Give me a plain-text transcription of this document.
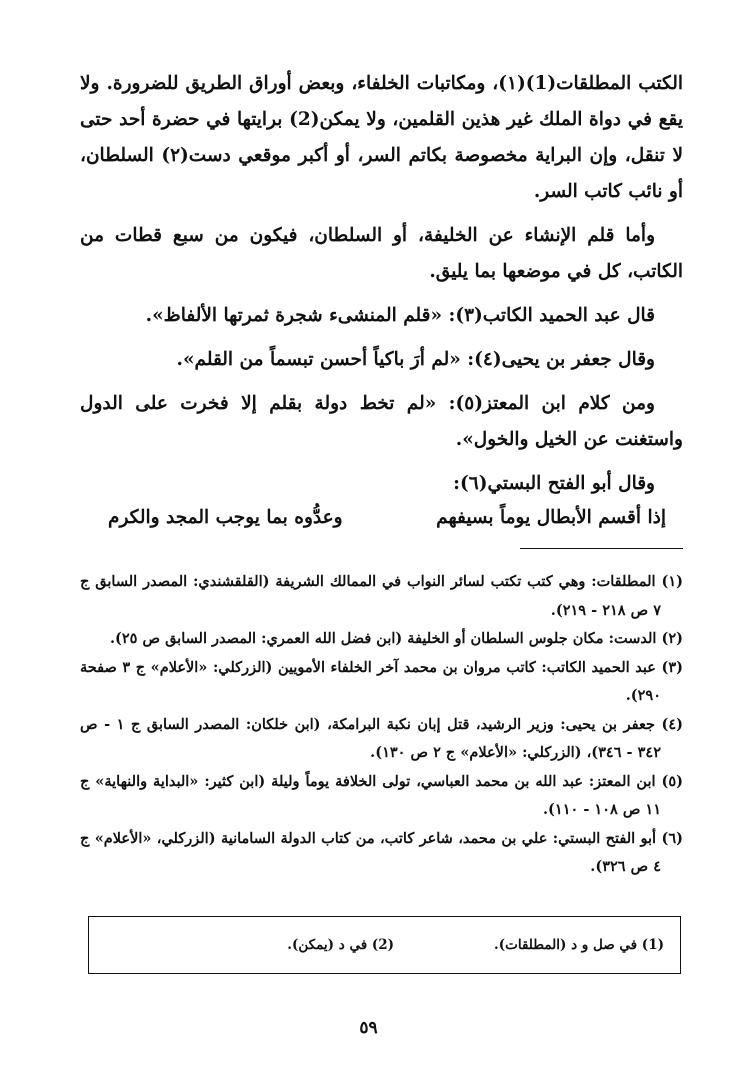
الكتب المطلقات(1)(١)، ومكاتبات الخلفاء، وبعض أوراق الطريق للضرورة. ولا يقع في دواة الملك غير هذين القلمين، ولا يمكن(2) برايتها في حضرة أحد حتى لا تنقل، وإن البراية مخصوصة بكاتم السر، أو أكبر موقعي دست(٢) السلطان، أو نائب كاتب السر.

وأما قلم الإنشاء عن الخليفة، أو السلطان، فيكون من سبع قطات من الكاتب، كل في موضعها بما يليق.

قال عبد الحميد الكاتب(٣): «قلم المنشىء شجرة ثمرتها الألفاظ».

وقال جعفر بن يحيى(٤): «لم أرَ باكياً أحسن تبسماً من القلم».

ومن كلام ابن المعتز(٥): «لم تخط دولة بقلم إلا فخرت على الدول واستغنت عن الخيل والخول».

وقال أبو الفتح البستي(٦):

إذا أقسم الأبطال يوماً بسيفهم
وعدُّوه بما يوجب المجد والكرم

(١) المطلقات: وهي كتب تكتب لسائر النواب في الممالك الشريفة (القلقشندي: المصدر السابق ج ٧ ص ٢١٨ - ٢١٩).

(٢) الدست: مكان جلوس السلطان أو الخليفة (ابن فضل الله العمري: المصدر السابق ص ٢٥).

(٣) عبد الحميد الكاتب: كاتب مروان بن محمد آخر الخلفاء الأمويين (الزركلي: «الأعلام» ج ٣ صفحة ٢٩٠).

(٤) جعفر بن يحيى: وزير الرشيد، قتل إبان نكبة البرامكة، (ابن خلكان: المصدر السابق ج ١ - ص ٣٤٢ - ٣٤٦)، (الزركلي: «الأعلام» ج ٢ ص ١٣٠).

(٥) ابن المعتز: عبد الله بن محمد العباسي، تولى الخلافة يوماً وليلة (ابن كثير: «البداية والنهاية» ج ١١ ص ١٠٨ - ١١٠).

(٦) أبو الفتح البستي: علي بن محمد، شاعر كاتب، من كتاب الدولة السامانية (الزركلي، «الأعلام» ج ٤ ص ٣٢٦).

(1) في صل و د (المطلقات).
(2) في د (يمكن).
٥٩
